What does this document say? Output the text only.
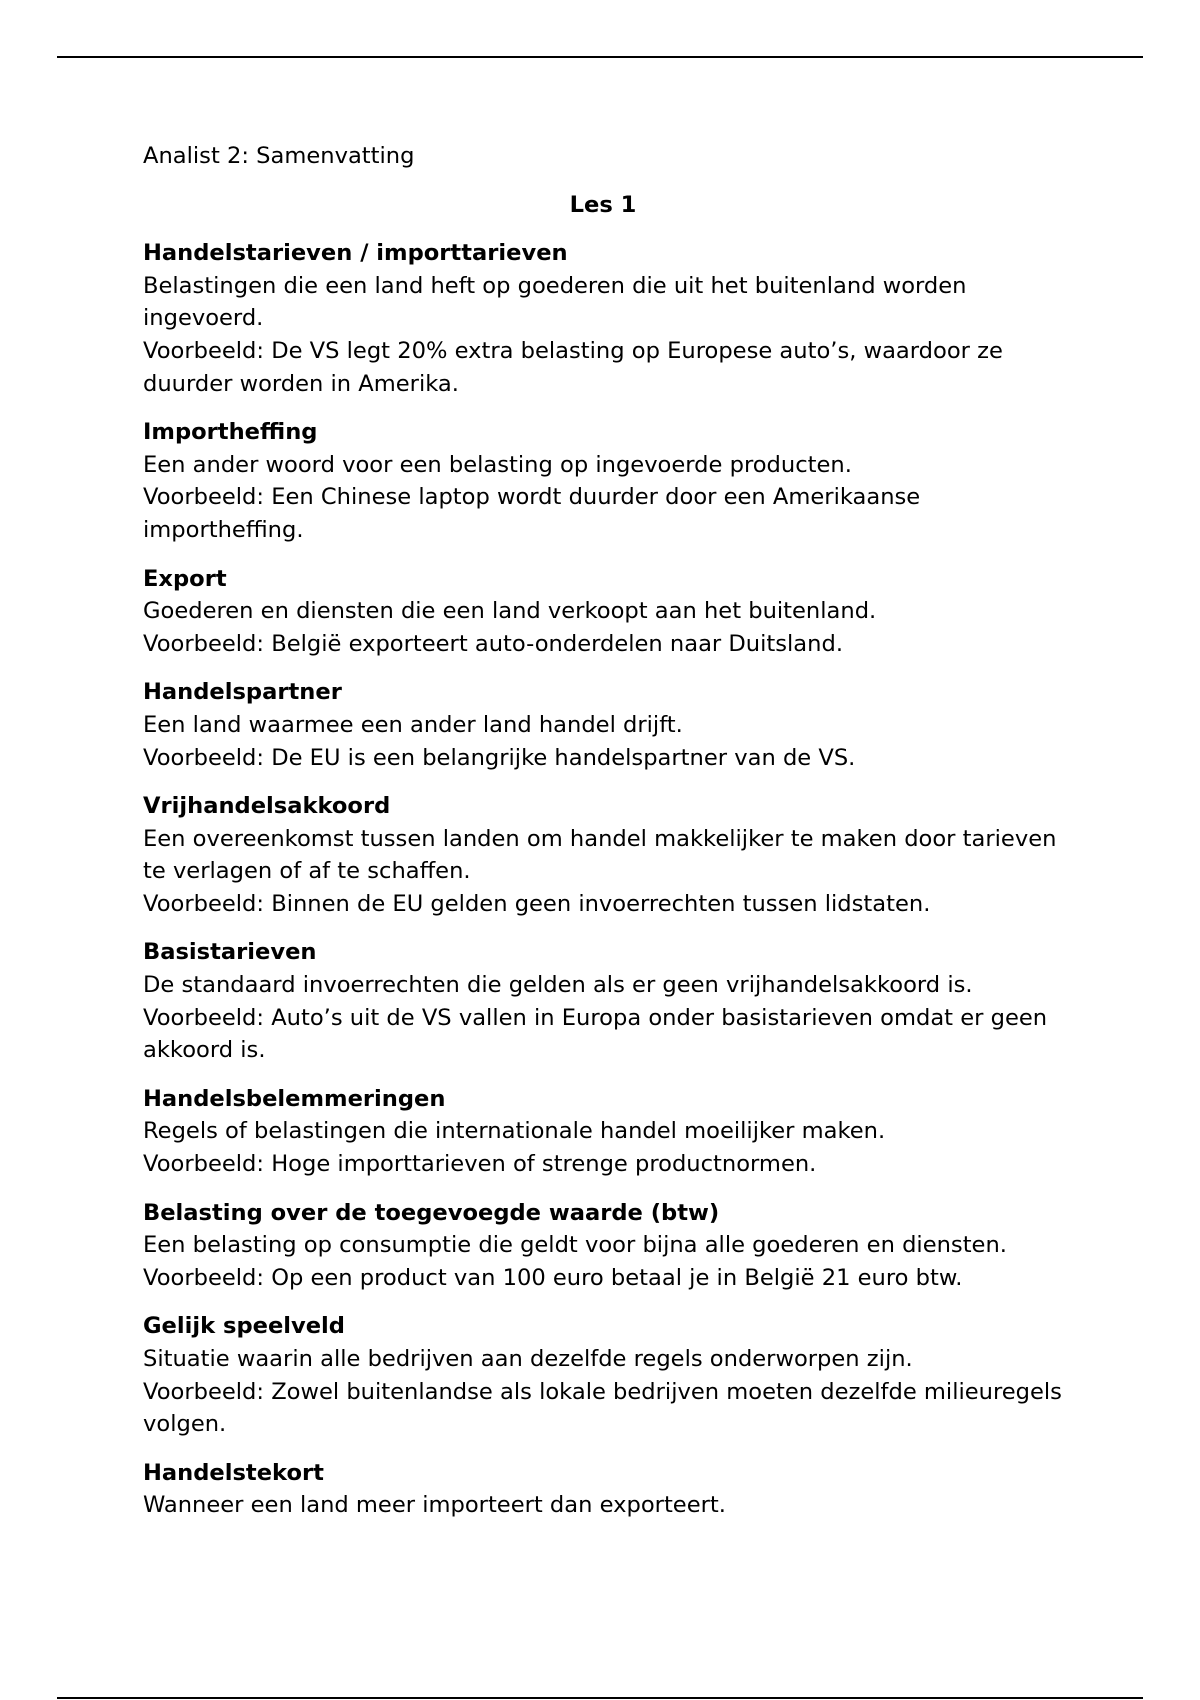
Analist 2: Samenvatting
Les 1
Handelstarieven / importtarieven
Belastingen die een land heft op goederen die uit het buitenland worden ingevoerd.
Voorbeeld: De VS legt 20% extra belasting op Europese auto’s, waardoor ze duurder worden in Amerika.
Importheffing
Een ander woord voor een belasting op ingevoerde producten.
Voorbeeld: Een Chinese laptop wordt duurder door een Amerikaanse importheffing.
Export
Goederen en diensten die een land verkoopt aan het buitenland.
Voorbeeld: België exporteert auto-onderdelen naar Duitsland.
Handelspartner
Een land waarmee een ander land handel drijft.
Voorbeeld: De EU is een belangrijke handelspartner van de VS.
Vrijhandelsakkoord
Een overeenkomst tussen landen om handel makkelijker te maken door tarieven te verlagen of af te schaffen.
Voorbeeld: Binnen de EU gelden geen invoerrechten tussen lidstaten.
Basistarieven
De standaard invoerrechten die gelden als er geen vrijhandelsakkoord is.
Voorbeeld: Auto’s uit de VS vallen in Europa onder basistarieven omdat er geen akkoord is.
Handelsbelemmeringen
Regels of belastingen die internationale handel moeilijker maken.
Voorbeeld: Hoge importtarieven of strenge productnormen.
Belasting over de toegevoegde waarde (btw)
Een belasting op consumptie die geldt voor bijna alle goederen en diensten.
Voorbeeld: Op een product van 100 euro betaal je in België 21 euro btw.
Gelijk speelveld
Situatie waarin alle bedrijven aan dezelfde regels onderworpen zijn.
Voorbeeld: Zowel buitenlandse als lokale bedrijven moeten dezelfde milieuregels volgen.
Handelstekort
Wanneer een land meer importeert dan exporteert.
